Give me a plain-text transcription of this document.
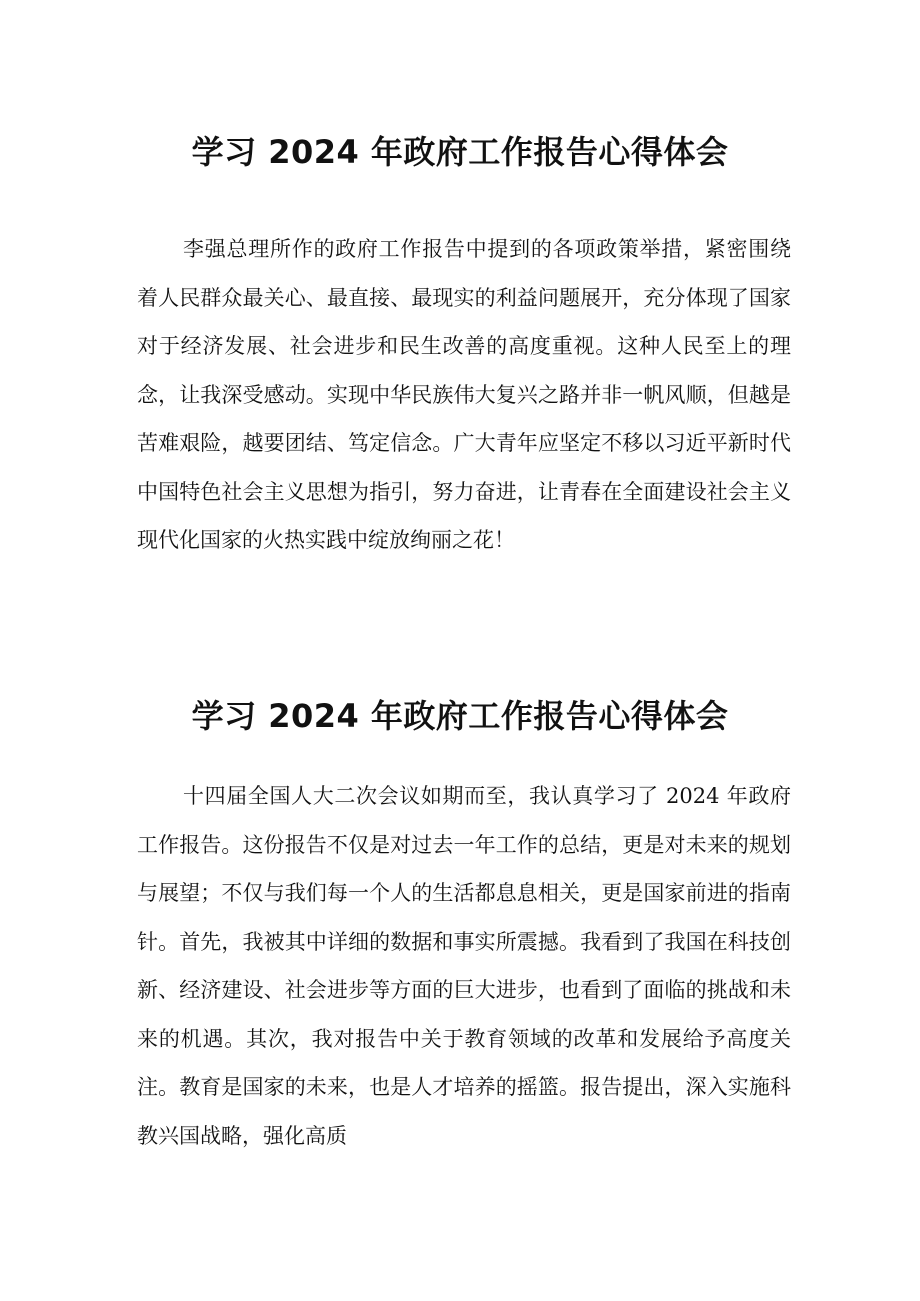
学习 2024 年政府工作报告心得体会

李强总理所作的政府工作报告中提到的各项政策举措，紧密围绕着人民群众最关心、最直接、最现实的利益问题展开，充分体现了国家对于经济发展、社会进步和民生改善的高度重视。这种人民至上的理念，让我深受感动。实现中华民族伟大复兴之路并非一帆风顺，但越是苦难艰险，越要团结、笃定信念。广大青年应坚定不移以习近平新时代中国特色社会主义思想为指引，努力奋进，让青春在全面建设社会主义现代化国家的火热实践中绽放绚丽之花！

学习 2024 年政府工作报告心得体会

十四届全国人大二次会议如期而至，我认真学习了 2024 年政府工作报告。这份报告不仅是对过去一年工作的总结，更是对未来的规划与展望；不仅与我们每一个人的生活都息息相关，更是国家前进的指南针。首先，我被其中详细的数据和事实所震撼。我看到了我国在科技创新、经济建设、社会进步等方面的巨大进步，也看到了面临的挑战和未来的机遇。其次，我对报告中关于教育领域的改革和发展给予高度关注。教育是国家的未来，也是人才培养的摇篮。报告提出，深入实施科教兴国战略，强化高质
